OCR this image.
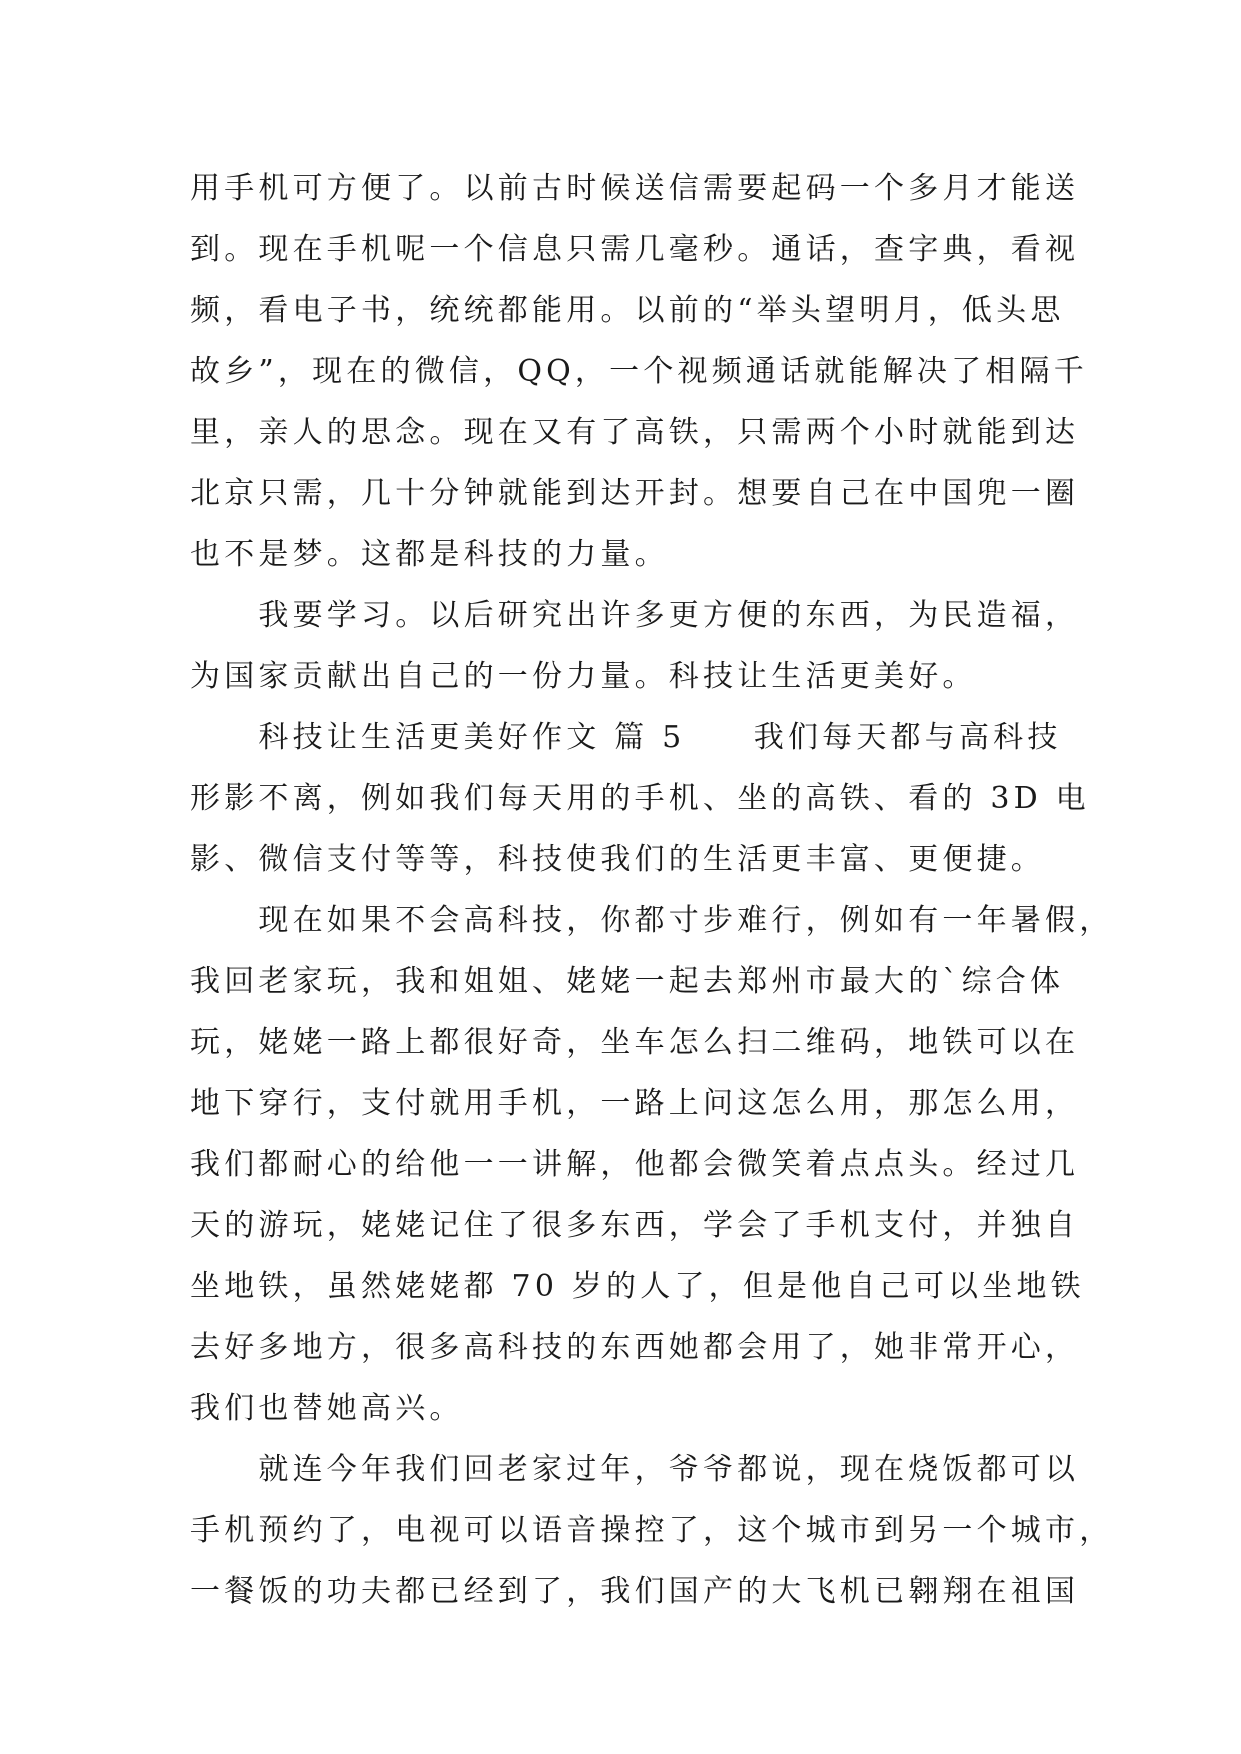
用手机可方便了。以前古时候送信需要起码一个多月才能送
到。现在手机呢一个信息只需几毫秒。通话，查字典，看视
频，看电子书，统统都能用。以前的“举头望明月，低头思
故乡”，现在的微信，QQ，一个视频通话就能解决了相隔千
里，亲人的思念。现在又有了高铁，只需两个小时就能到达
北京只需，几十分钟就能到达开封。想要自己在中国兜一圈
也不是梦。这都是科技的力量。
　　我要学习。以后研究出许多更方便的东西，为民造福，
为国家贡献出自己的一份力量。科技让生活更美好。
　　科技让生活更美好作文 篇 5　　我们每天都与高科技
形影不离，例如我们每天用的手机、坐的高铁、看的 3D 电
影、微信支付等等，科技使我们的生活更丰富、更便捷。
　　现在如果不会高科技，你都寸步难行，例如有一年暑假，
我回老家玩，我和姐姐、姥姥一起去郑州市最大的`综合体
玩，姥姥一路上都很好奇，坐车怎么扫二维码，地铁可以在
地下穿行，支付就用手机，一路上问这怎么用，那怎么用，
我们都耐心的给他一一讲解，他都会微笑着点点头。经过几
天的游玩，姥姥记住了很多东西，学会了手机支付，并独自
坐地铁，虽然姥姥都 70 岁的人了，但是他自己可以坐地铁
去好多地方，很多高科技的东西她都会用了，她非常开心，
我们也替她高兴。
　　就连今年我们回老家过年，爷爷都说，现在烧饭都可以
手机预约了，电视可以语音操控了，这个城市到另一个城市，
一餐饭的功夫都已经到了，我们国产的大飞机已翱翔在祖国
